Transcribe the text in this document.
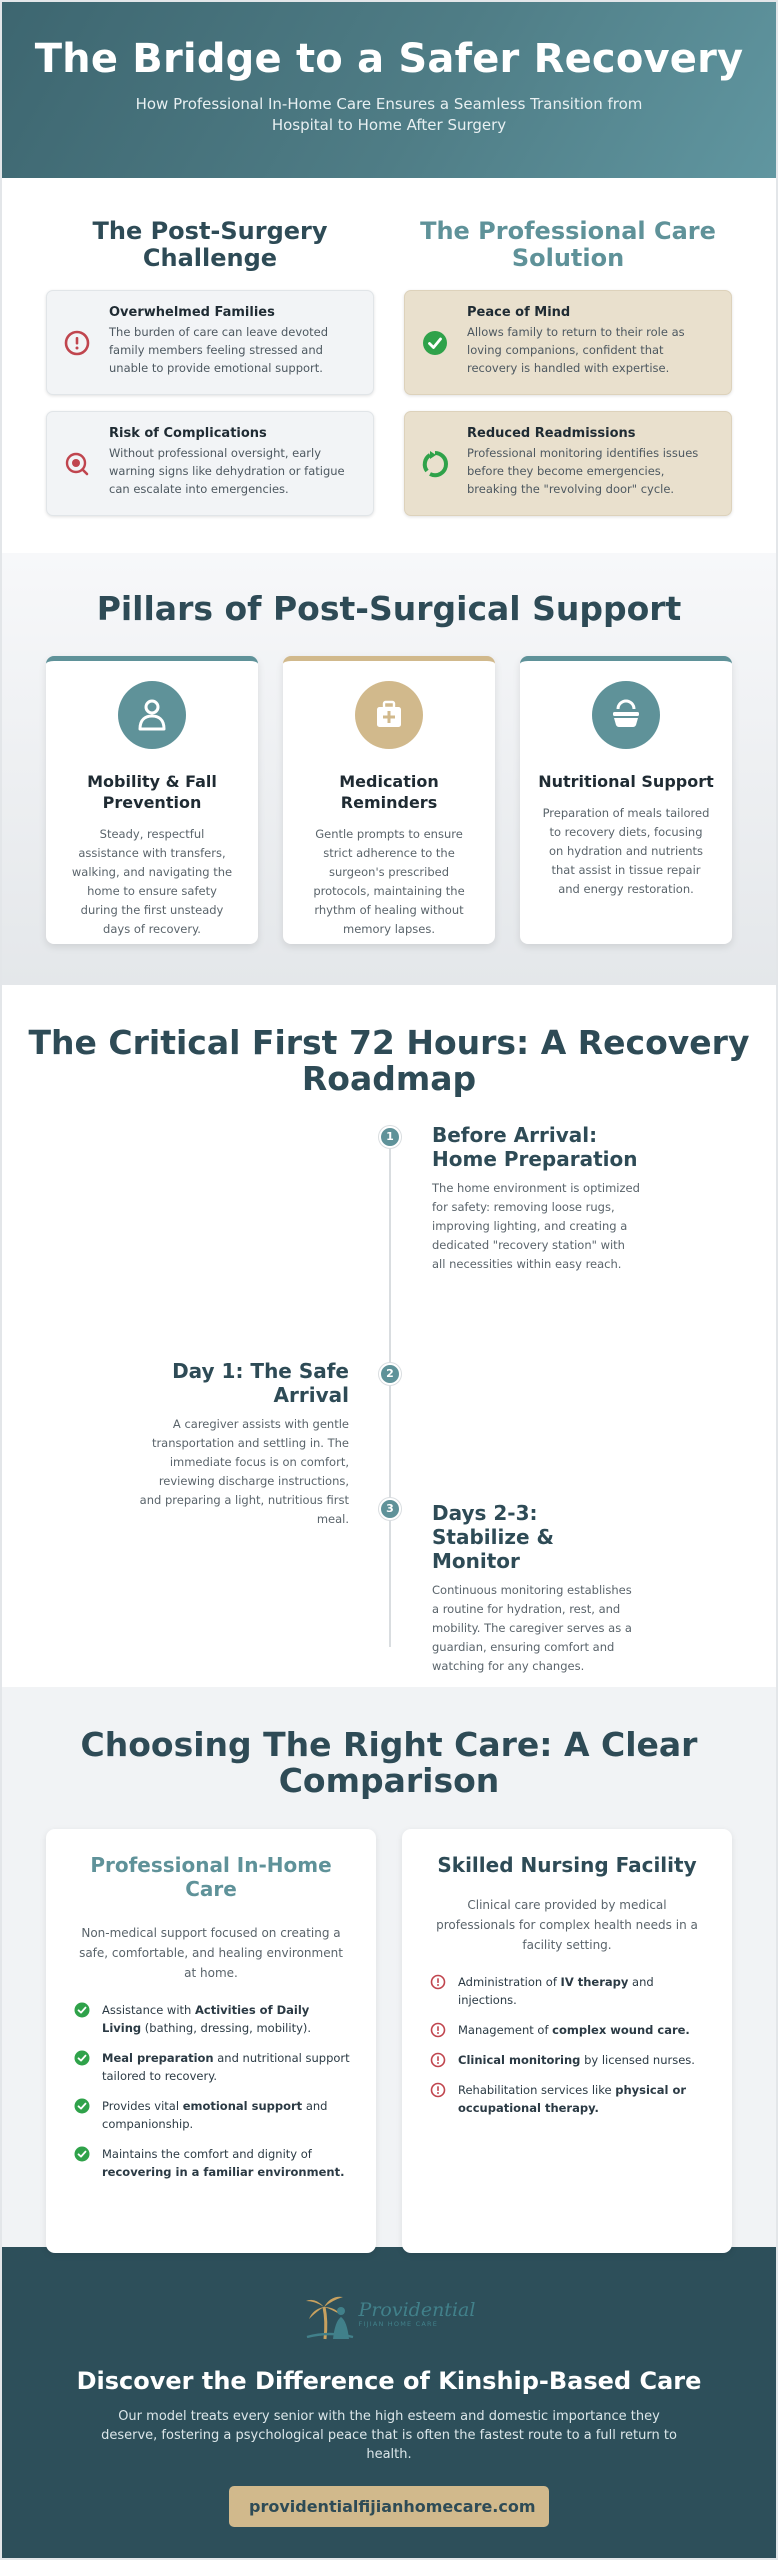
The Bridge to a Safer Recovery

How Professional In-Home Care Ensures a Seamless Transition from Hospital to Home After Surgery

The Post-Surgery Challenge
Overwhelmed Families

The burden of care can leave devoted family members feeling stressed and unable to provide emotional support.

Risk of Complications

Without professional oversight, early warning signs like dehydration or fatigue can escalate into emergencies.

The Professional Care Solution
Peace of Mind

Allows family to return to their role as loving companions, confident that recovery is handled with expertise.

Reduced Readmissions

Professional monitoring identifies issues before they become emergencies, breaking the "revolving door" cycle.

Pillars of Post-Surgical Support
Mobility & Fall Prevention

Steady, respectful assistance with transfers, walking, and navigating the home to ensure safety during the first unsteady days of recovery.

Medication Reminders

Gentle prompts to ensure strict adherence to the surgeon's prescribed protocols, maintaining the rhythm of healing without memory lapses.

Nutritional Support

Preparation of meals tailored to recovery diets, focusing on hydration and nutrients that assist in tissue repair and energy restoration.

The Critical First 72 Hours: A Recovery Roadmap
1	Before Arrival: Home Preparation

The home environment is optimized for safety: removing loose rugs, improving lighting, and creating a dedicated "recovery station" with all necessities within easy reach.

2
Day 1: The Safe Arrival

A caregiver assists with gentle transportation and settling in. The immediate focus is on comfort, reviewing discharge instructions, and preparing a light, nutritious first meal.

3	Days 2-3: Stabilize & Monitor

Continuous monitoring establishes a routine for hydration, rest, and mobility. The caregiver serves as a guardian, ensuring comfort and watching for any changes.

Choosing The Right Care: A Clear Comparison
Professional In-Home Care

Non-medical support focused on creating a safe, comfortable, and healing environment at home.

Assistance with Activities of Daily Living (bathing, dressing, mobility).
Meal preparation and nutritional support tailored to recovery.
Provides vital emotional support and companionship.
Maintains the comfort and dignity of recovering in a familiar environment.
Skilled Nursing Facility

Clinical care provided by medical professionals for complex health needs in a facility setting.

Administration of IV therapy and injections.
Management of complex wound care.
Clinical monitoring by licensed nurses.
Rehabilitation services like physical or occupational therapy.
Providential
FIJIAN HOME CARE
Discover the Difference of Kinship-Based Care

Our model treats every senior with the high esteem and domestic importance they deserve, fostering a psychological peace that is often the fastest route to a full return to health.

providentialfijianhomecare.com
